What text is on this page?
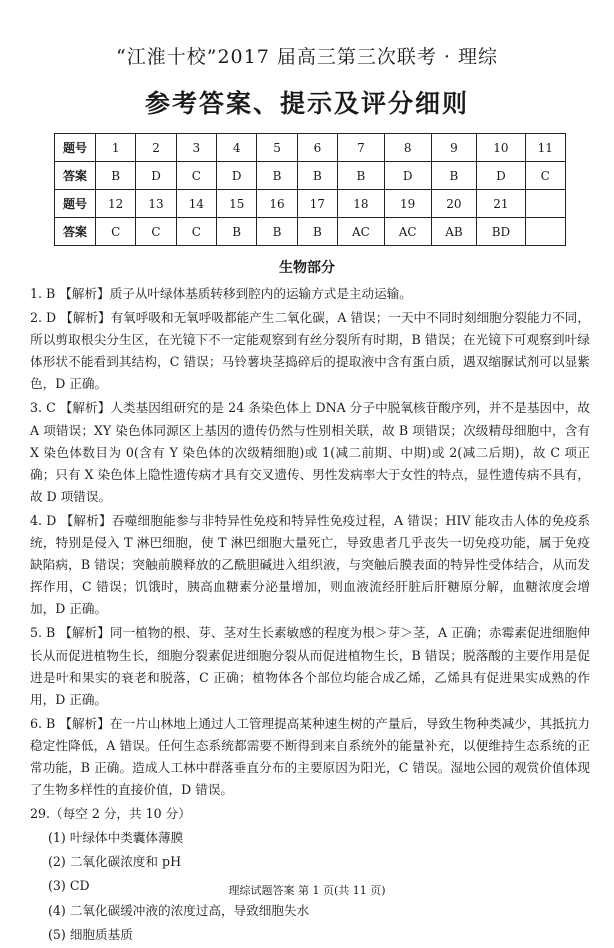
“江淮十校”2017 届高三第三次联考 · 理综
参考答案、提示及评分细则
题号	1	2	3	4	5	6	7	8	9	10	11
答案	B	D	C	D	B	B	B	D	B	D	C
题号	12	13	14	15	16	17	18	19	20	21	
答案	C	C	C	B	B	B	AC	AC	AB	BD	
生物部分

1. B 【解析】质子从叶绿体基质转移到腔内的运输方式是主动运输。

2. D 【解析】有氧呼吸和无氧呼吸都能产生二氧化碳，A 错误；一天中不同时刻细胞分裂能力不同，所以剪取根尖分生区，在光镜下不一定能观察到有丝分裂所有时期，B 错误；在光镜下可观察到叶绿体形状不能看到其结构，C 错误；马铃薯块茎捣碎后的提取液中含有蛋白质，遇双缩脲试剂可以显紫色，D 正确。

3. C 【解析】人类基因组研究的是 24 条染色体上 DNA 分子中脱氧核苷酸序列，并不是基因中，故 A 项错误；XY 染色体同源区上基因的遗传仍然与性别相关联，故 B 项错误；次级精母细胞中，含有 X 染色体数目为 0(含有 Y 染色体的次级精细胞)或 1(减二前期、中期)或 2(减二后期)，故 C 项正确；只有 X 染色体上隐性遗传病才具有交叉遗传、男性发病率大于女性的特点，显性遗传病不具有，故 D 项错误。

4. D 【解析】吞噬细胞能参与非特异性免疫和特异性免疫过程，A 错误；HIV 能攻击人体的免疫系统，特别是侵入 T 淋巴细胞，使 T 淋巴细胞大量死亡，导致患者几乎丧失一切免疫功能，属于免疫缺陷病，B 错误；突触前膜释放的乙酰胆碱进入组织液，与突触后膜表面的特异性受体结合，从而发挥作用，C 错误；饥饿时，胰高血糖素分泌量增加，则血液流经肝脏后肝糖原分解，血糖浓度会增加，D 正确。

5. B 【解析】同一植物的根、芽、茎对生长素敏感的程度为根＞芽＞茎，A 正确；赤霉素促进细胞伸长从而促进植物生长，细胞分裂素促进细胞分裂从而促进植物生长，B 错误；脱落酸的主要作用是促进是叶和果实的衰老和脱落，C 正确；植物体各个部位均能合成乙烯，乙烯具有促进果实成熟的作用，D 正确。

6. B 【解析】在一片山林地上通过人工管理提高某种速生树的产量后，导致生物种类减少，其抵抗力稳定性降低，A 错误。任何生态系统都需要不断得到来自系统外的能量补充，以便维持生态系统的正常功能，B 正确。造成人工林中群落垂直分布的主要原因为阳光，C 错误。湿地公园的观赏价值体现了生物多样性的直接价值，D 错误。

29.（每空 2 分，共 10 分）

(1) 叶绿体中类囊体薄膜

(2) 二氧化碳浓度和 pH

(3) CD

(4) 二氧化碳缓冲液的浓度过高，导致细胞失水

(5) 细胞质基质

理综试题答案 第 1 页(共 11 页)
